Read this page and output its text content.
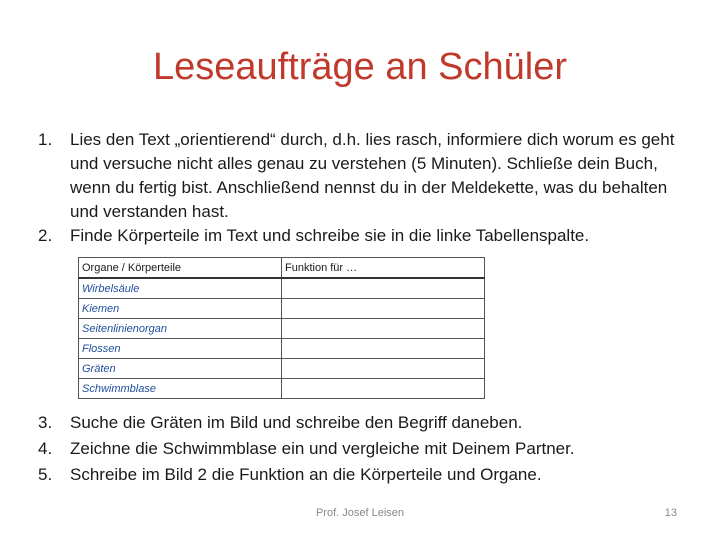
Leseaufträge an Schüler
1.	Lies den Text „orientierend“ durch, d.h. lies rasch, informiere dich worum es geht und versuche nicht alles genau zu verstehen (5 Minuten). Schließe dein Buch, wenn du fertig bist. Anschließend nennst du in der Meldekette, was du behalten und verstanden hast.
2.	Finde Körperteile im Text und schreibe sie in die linke Tabellenspalte.
Organe / Körperteile	Funktion für …
Wirbelsäule	
Kiemen	
Seitenlinienorgan	
Flossen	
Gräten	
Schwimmblase	
3.	Suche die Gräten im Bild und schreibe den Begriff daneben.
4.	Zeichne die Schwimmblase ein und vergleiche mit Deinem Partner.
5.	Schreibe im Bild 2 die Funktion an die Körperteile und Organe.
Prof. Josef Leisen	13
